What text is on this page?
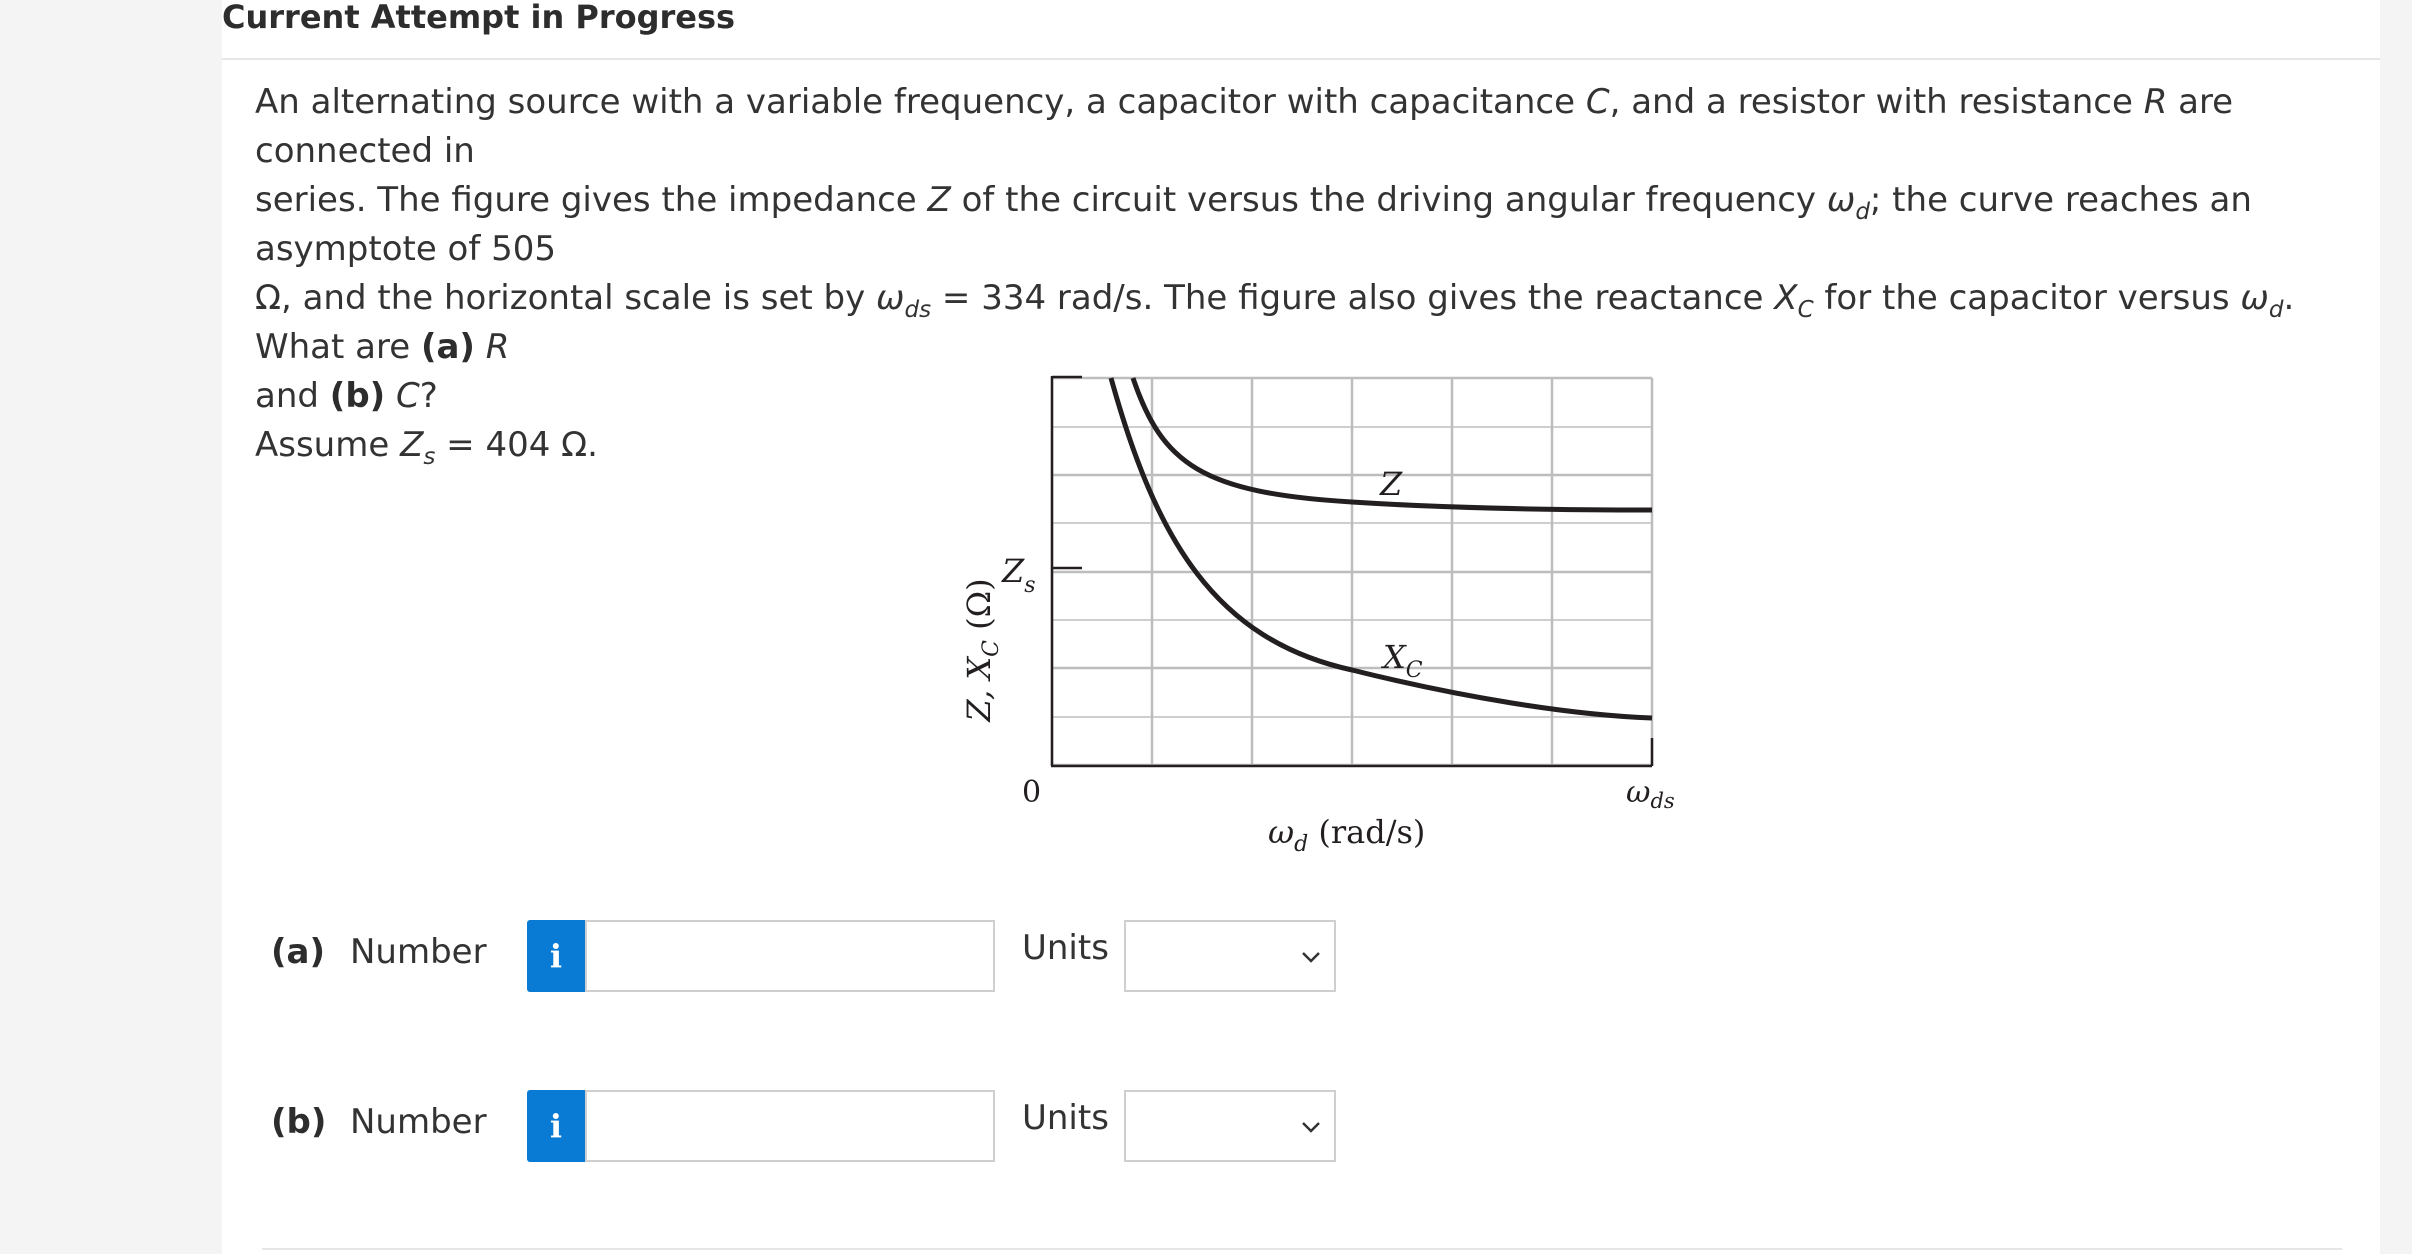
Current Attempt in Progress

An alternating source with a variable frequency, a capacitor with capacitance C, and a resistor with resistance R are connected in

series. The figure gives the impedance Z of the circuit versus the driving angular frequency $\omega_d$; the curve reaches an asymptote of 505

Ω, and the horizontal scale is set by $\omega_{ds} = 334$ rad/s. The figure also gives the reactance $X_C$ for the capacitor versus $\omega_d$. What are (a) R

and (b) C?

Assume $Z_s = 404$ Ω.

Z, $X_C$ (Ω)
$Z_s$
0	$\omega_{ds}$
$\omega_d$ (rad/s)
Z
$X_C$
(a) Number	i	Units
(b) Number	i	Units
